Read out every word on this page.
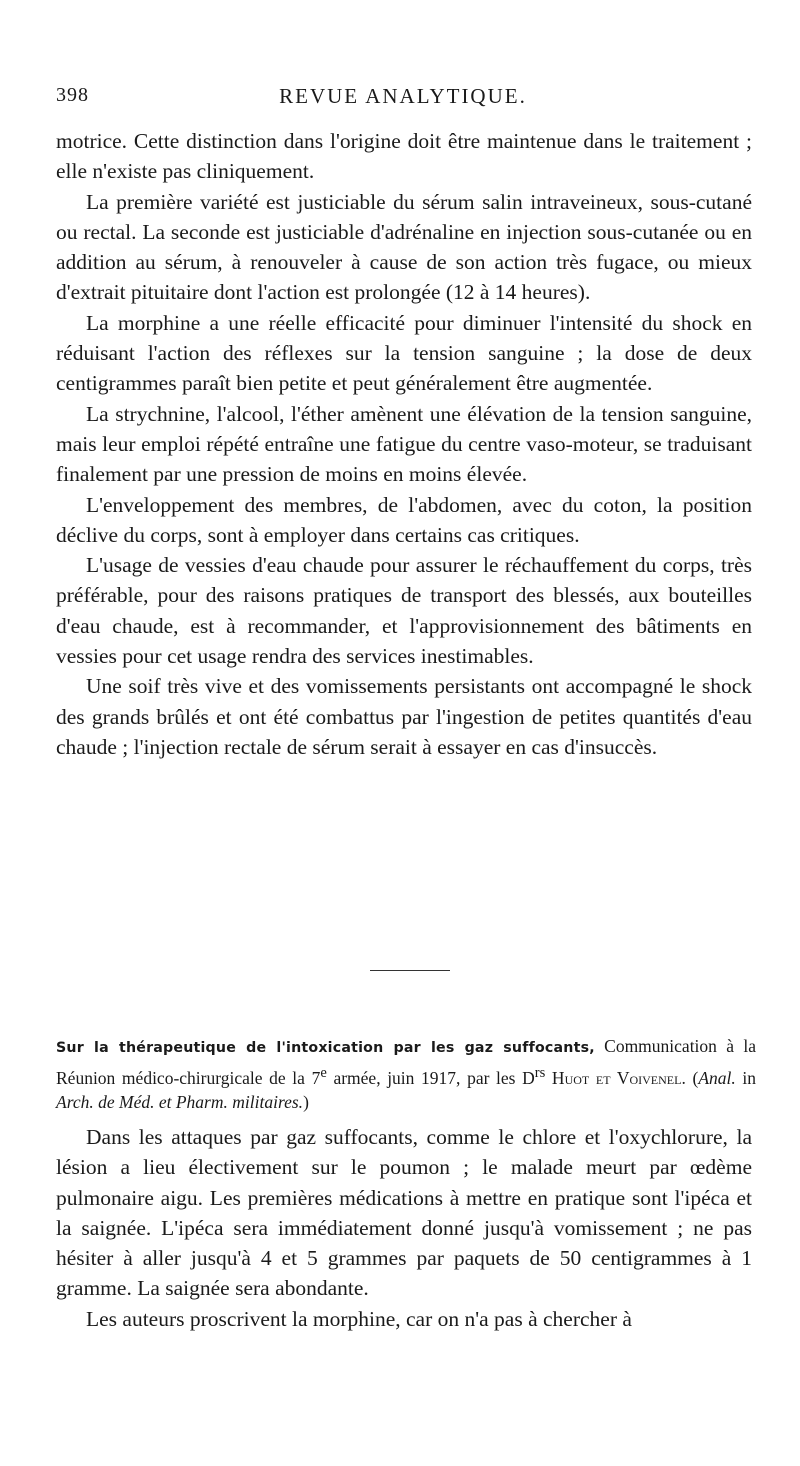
398	REVUE ANALYTIQUE.

motrice. Cette distinction dans l'origine doit être maintenue dans le traitement ; elle n'existe pas cliniquement.

La première variété est justiciable du sérum salin intraveineux, sous-cutané ou rectal. La seconde est justiciable d'adrénaline en injection sous-cutanée ou en addition au sérum, à renouveler à cause de son action très fugace, ou mieux d'extrait pituitaire dont l'action est prolongée (12 à 14 heures).

La morphine a une réelle efficacité pour diminuer l'intensité du shock en réduisant l'action des réflexes sur la tension sanguine ; la dose de deux centigrammes paraît bien petite et peut généralement être augmentée.

La strychnine, l'alcool, l'éther amènent une élévation de la tension sanguine, mais leur emploi répété entraîne une fatigue du centre vaso-moteur, se traduisant finalement par une pression de moins en moins élevée.

L'enveloppement des membres, de l'abdomen, avec du coton, la position déclive du corps, sont à employer dans certains cas critiques.

L'usage de vessies d'eau chaude pour assurer le réchauffement du corps, très préférable, pour des raisons pratiques de transport des blessés, aux bouteilles d'eau chaude, est à recommander, et l'approvisionnement des bâtiments en vessies pour cet usage rendra des services inestimables.

Une soif très vive et des vomissements persistants ont accompagné le shock des grands brûlés et ont été combattus par l'ingestion de petites quantités d'eau chaude ; l'injection rectale de sérum serait à essayer en cas d'insuccès.

Sur la thérapeutique de l'intoxication par les gaz suffocants, Communication à la Réunion médico-chirurgicale de la 7e armée, juin 1917, par les $D^{rs}$ Huot et Voivenel. (Anal. in Arch. de Méd. et Pharm. militaires.)

Dans les attaques par gaz suffocants, comme le chlore et l'oxychlorure, la lésion a lieu électivement sur le poumon ; le malade meurt par œdème pulmonaire aigu. Les premières médications à mettre en pratique sont l'ipéca et la saignée. L'ipéca sera immédiatement donné jusqu'à vomissement ; ne pas hésiter à aller jusqu'à 4 et 5 grammes par paquets de 50 centigrammes à 1 gramme. La saignée sera abondante.

Les auteurs proscrivent la morphine, car on n'a pas à chercher à
